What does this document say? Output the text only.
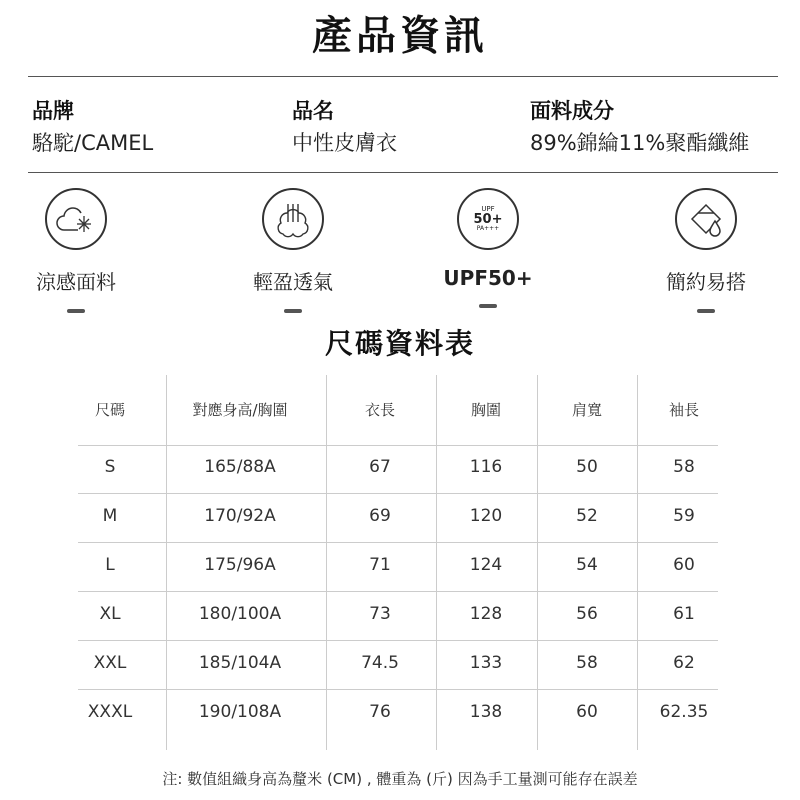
產品資訊
品牌
駱駝/CAMEL
品名
中性皮膚衣
面料成分
89%錦綸11%聚酯纖維
涼感面料	輕盈透氣
UPF
50+
PA+++
UPF50+	簡約易搭
尺碼資料表
尺碼	對應身高/胸圍	衣長	胸圍	肩寬	袖長
S	165/88A	67	116	50	58
M	170/92A	69	120	52	59
L	175/96A	71	124	54	60
XL	180/100A	73	128	56	61
XXL	185/104A	74.5	133	58	62
XXXL	190/108A	76	138	60	62.35
注: 數值組織身高為釐米 (CM) , 體重為 (斤) 因為手工量測可能存在誤差
